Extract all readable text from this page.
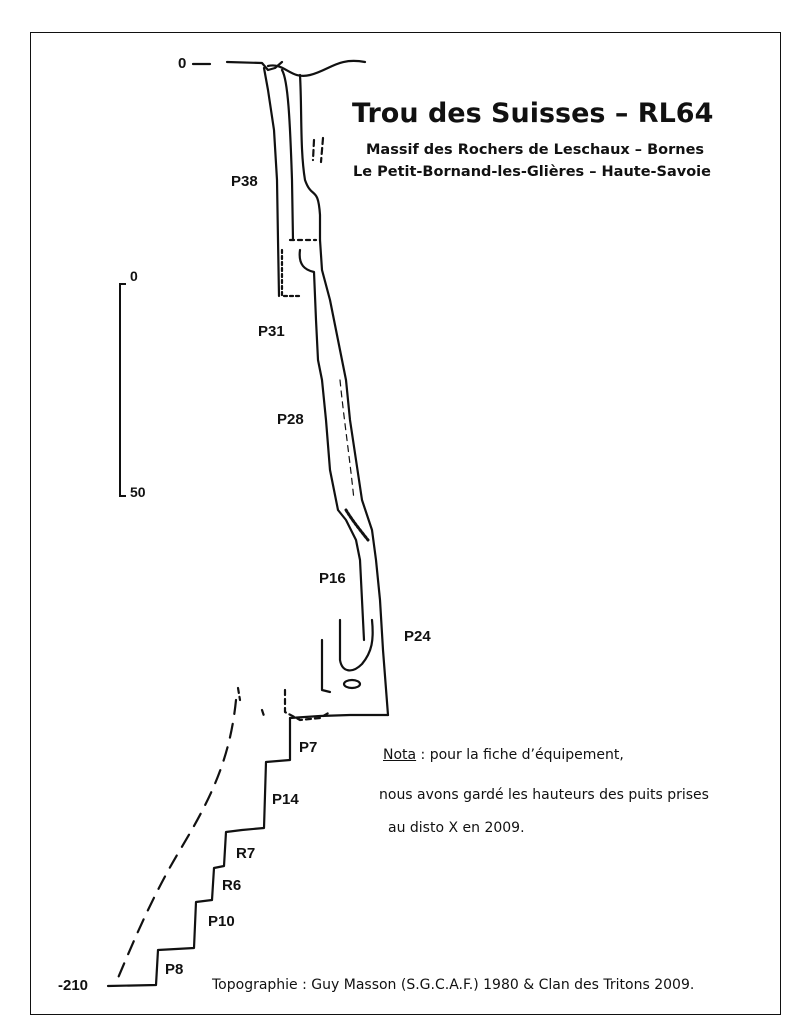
Trou des Suisses – RL64
Massif des Rochers de Leschaux – Bornes
Le Petit-Bornand-les-Glières – Haute-Savoie
0
-210
0
50
P38
P31
P28
P16
P24
P7
P14
R7
R6
P10
P8
Nota : pour la fiche d’équipement,
nous avons gardé les hauteurs des puits prises
au disto X en 2009.
Topographie : Guy Masson (S.G.C.A.F.) 1980 & Clan des Tritons 2009.
